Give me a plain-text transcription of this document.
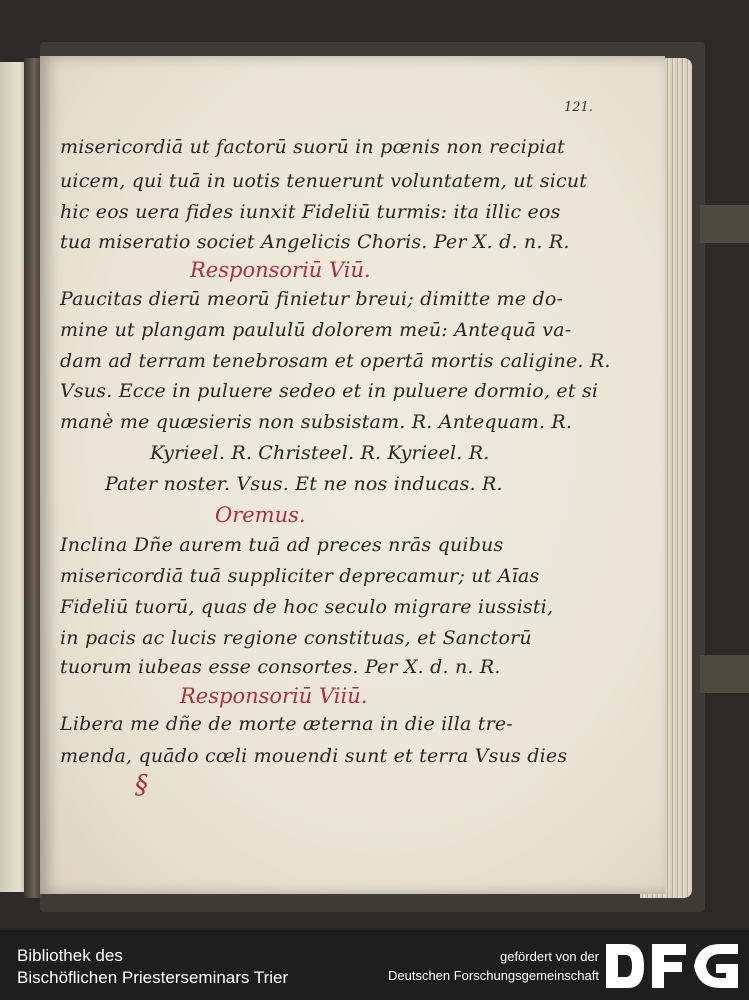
121.
misericordiā ut factorū suorū in pœnis non recipiat
uicem, qui tuā in uotis tenuerunt voluntatem, ut sicut
hic eos uera fides iunxit Fideliū turmis: ita illic eos
tua miseratio societ Angelicis Choris. Per X. d. n. R.
Responsoriū Viū.
Paucitas dierū meorū finietur breui; dimitte me do-
mine ut plangam paululū dolorem meū: Antequā va-
dam ad terram tenebrosam et opertā mortis caligine. R.
Vsus. Ecce in puluere sedeo et in puluere dormio, et si
manè me quæsieris non subsistam. R. Antequam. R.
Kyrieel. R. Christeel. R. Kyrieel. R.
Pater noster. Vsus. Et ne nos inducas. R.
Oremus.
Inclina Dñe aurem tuā ad preces nrās quibus
misericordiā tuā suppliciter deprecamur; ut Aīas
Fideliū tuorū, quas de hoc seculo migrare iussisti,
in pacis ac lucis regione constituas, et Sanctorū
tuorum iubeas esse consortes. Per X. d. n. R.
Responsoriū Viiū.
Libera me dñe de morte æterna in die illa tre-
menda, quādo cœli mouendi sunt et terra Vsus dies
§
Bibliothek des
Bischöflichen Priesterseminars Trier
gefördert von der
Deutschen Forschungsgemeinschaft
